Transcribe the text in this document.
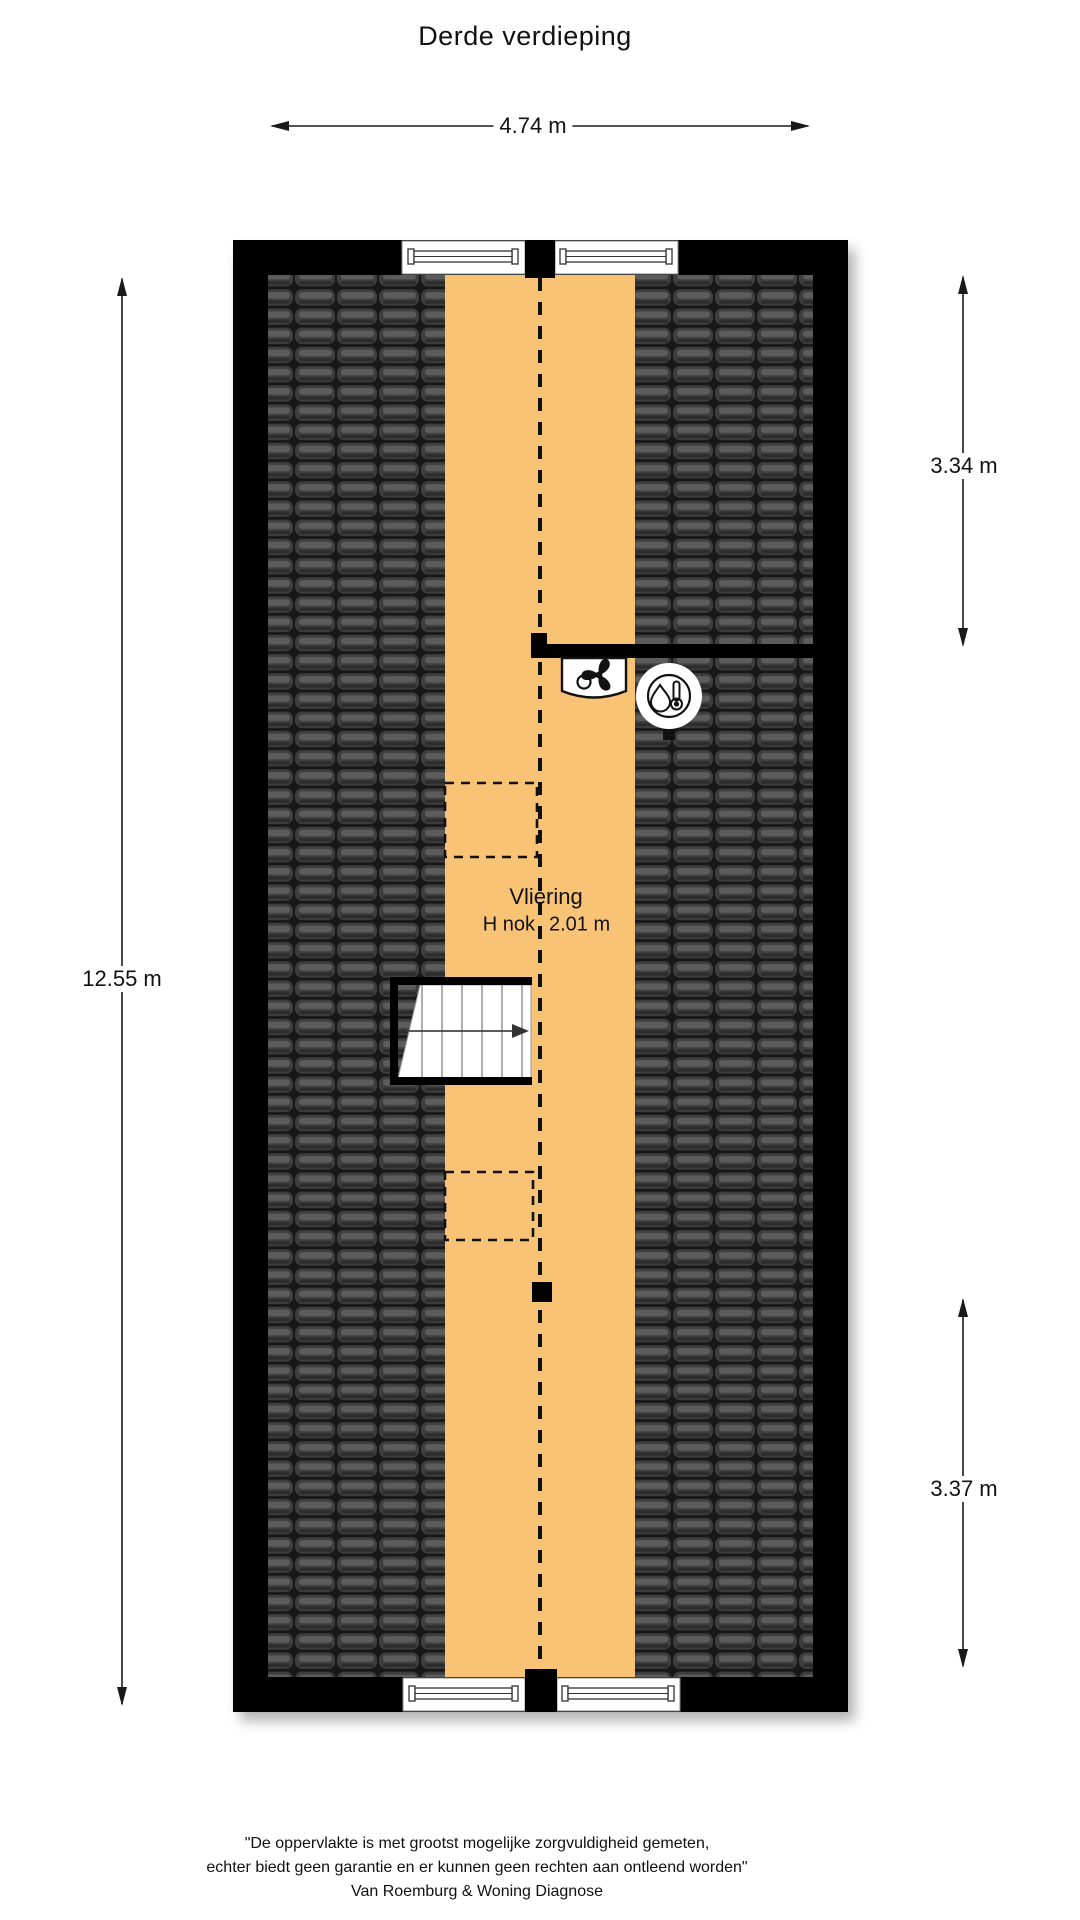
Derde verdieping
4.74 m
12.55 m
3.34 m
3.37 m
Vliering
H nok 2.01 m
"De oppervlakte is met grootst mogelijke zorgvuldigheid gemeten,
echter biedt geen garantie en er kunnen geen rechten aan ontleend worden"
Van Roemburg & Woning Diagnose
